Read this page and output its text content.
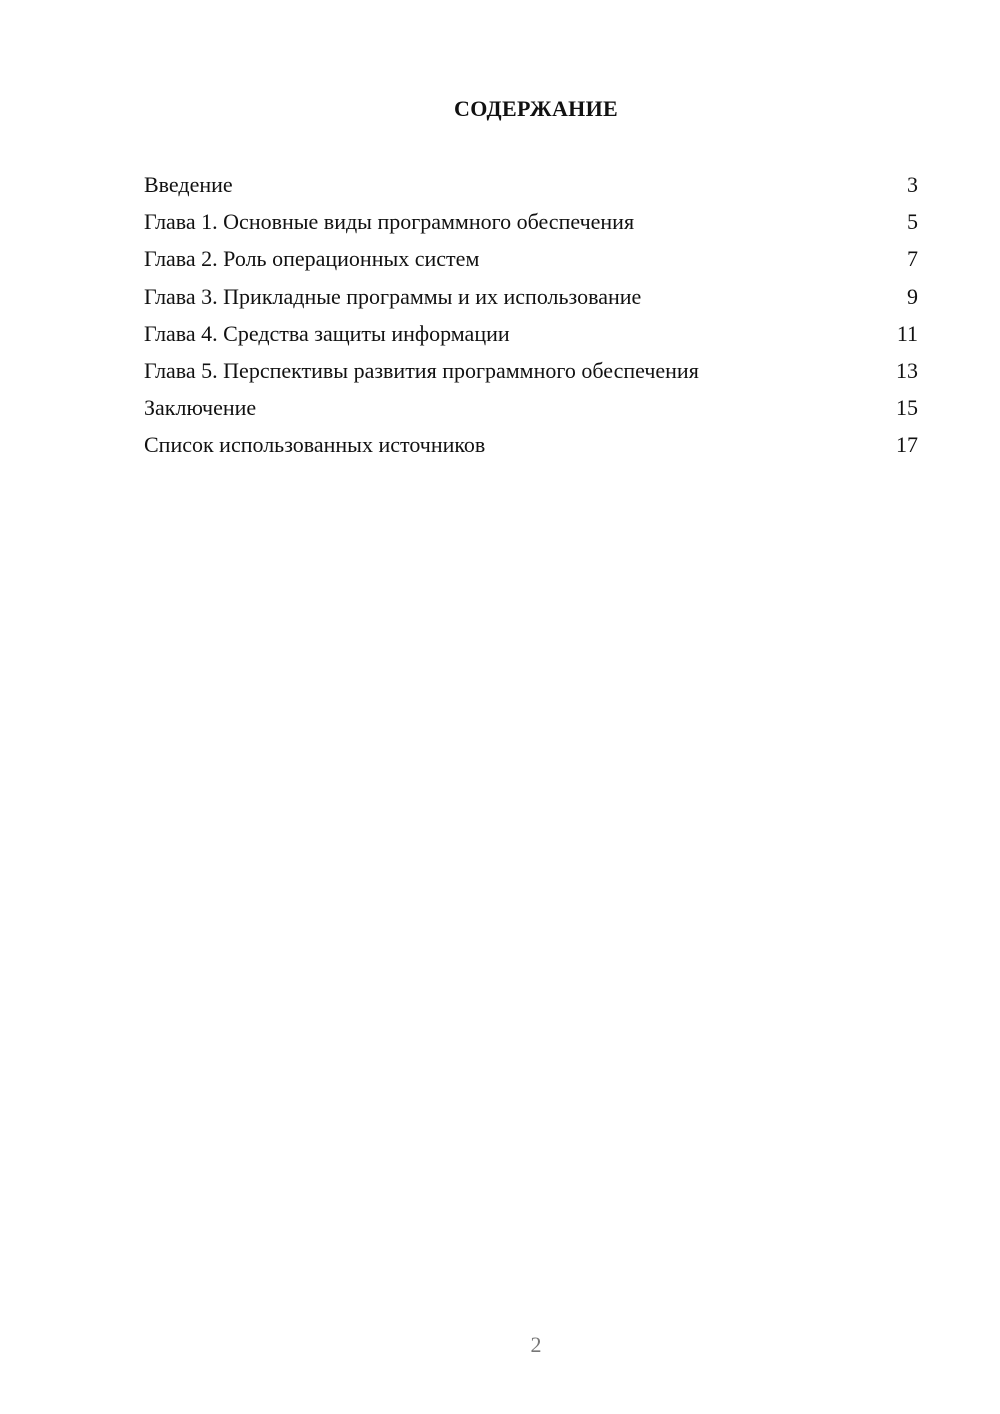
СОДЕРЖАНИЕ
Введение	3
Глава 1. Основные виды программного обеспечения	5
Глава 2. Роль операционных систем	7
Глава 3. Прикладные программы и их использование	9
Глава 4. Средства защиты информации	11
Глава 5. Перспективы развития программного обеспечения	13
Заключение	15
Список использованных источников	17
2
